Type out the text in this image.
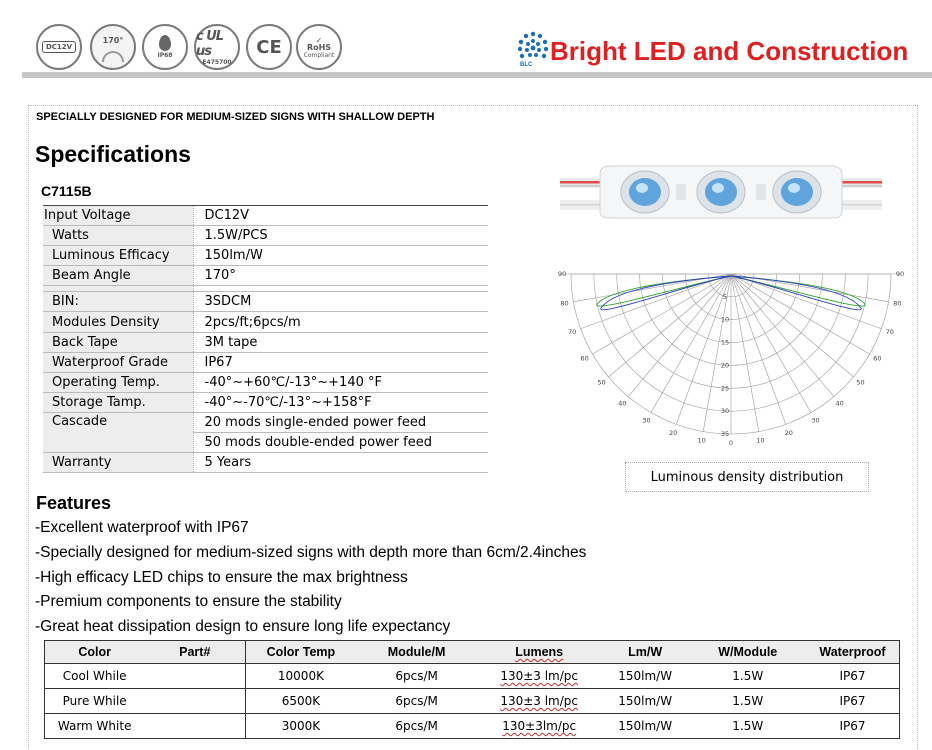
DC12V
170°
IP68
c UL us
E475700
CE	✓
RoHS
Compliant
BLC Bright LED and Construction
SPECIALLY DESIGNED FOR MEDIUM-SIZED SIGNS WITH SHALLOW DEPTH
Specifications
C7115B
Input Voltage	DC12V
Watts	1.5W/PCS
Luminous Efficacy	150lm/W
Beam Angle	170°

BIN:	3SDCM
Modules Density	2pcs/ft;6pcs/m
Back Tape	3M tape
Waterproof Grade	IP67
Operating Temp.	-40°~+60℃/-13°~+140 °F
Storage Tamp.	-40°~-70℃/-13°~+158°F
Cascade	20 mods single-ended power feed
	50 mods double-ended power feed
Warranty	5 Years
90
90
80
80
70
70
60
60
50
50
40
40
30
30
20
20
10
10	0
5
10
15
20
25
30
35
Luminous density distribution
Features
-Excellent waterproof with IP67
-Specially designed for medium-sized signs with depth more than 6cm/2.4inches
-High efficacy LED chips to ensure the max brightness
-Premium components to ensure the stability
-Great heat dissipation design to ensure long life expectancy
Color	Part#	Color Temp	Module/M	Lumens	Lm/W	W/Module	Waterproof
Cool While		10000K	6pcs/M	130±3 lm/pc	150lm/W	1.5W	IP67
Pure While		6500K	6pcs/M	130±3 lm/pc	150lm/W	1.5W	IP67
Warm White		3000K	6pcs/M	130±3lm/pc	150lm/W	1.5W	IP67
